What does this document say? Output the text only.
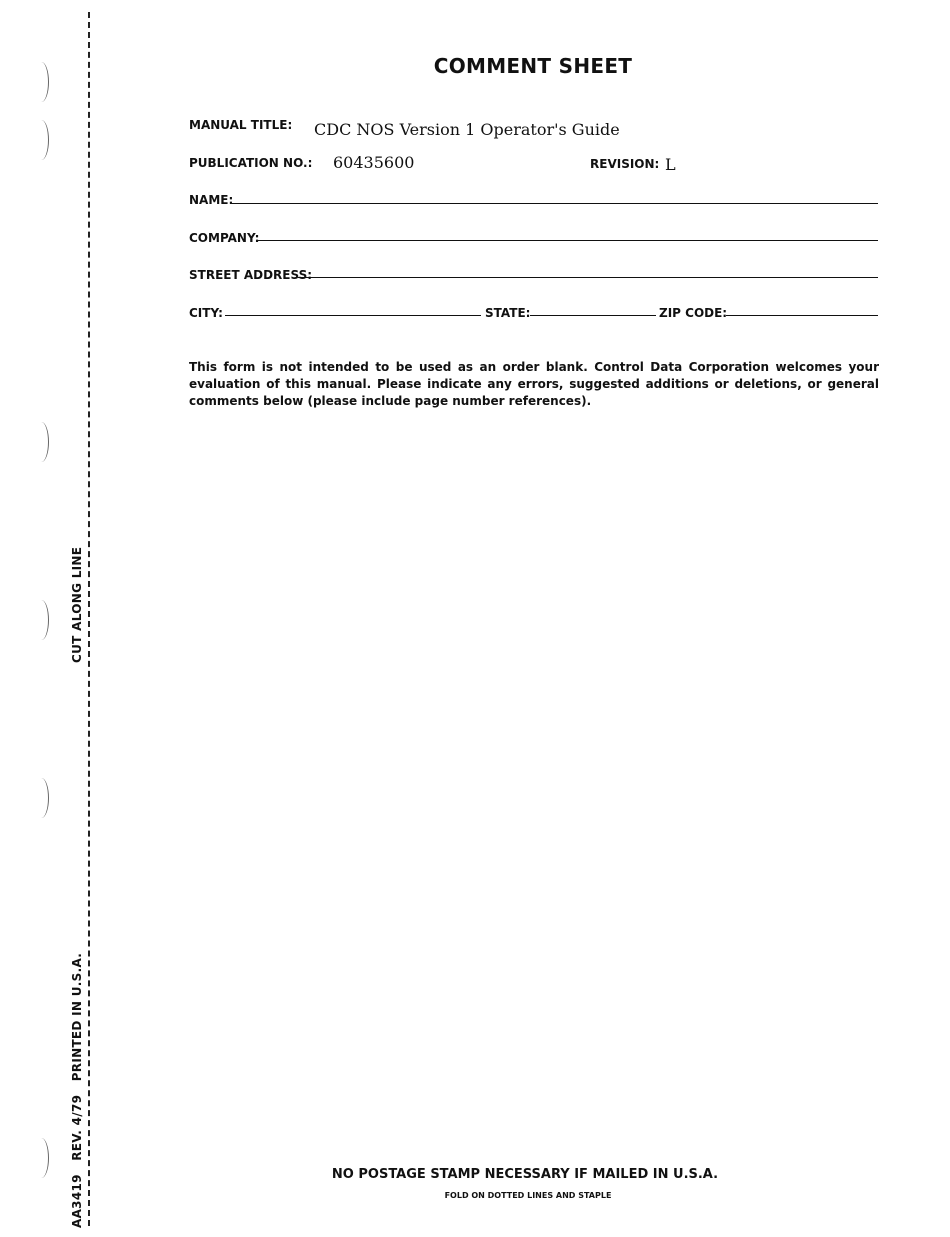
CUT ALONG LINE
AA3419   REV. 4/79   PRINTED IN U.S.A.
COMMENT SHEET
MANUAL TITLE: CDC NOS Version 1 Operator's Guide
PUBLICATION NO.: 60435600	REVISION: L
NAME:
COMPANY:
STREET ADDRESS:
CITY:	STATE:	ZIP CODE:
This form is not intended to be used as an order blank. Control Data Corporation welcomes your evaluation of this manual. Please indicate any errors, suggested additions or deletions, or general comments below (please include page number references).
NO POSTAGE STAMP NECESSARY IF MAILED IN U.S.A.
FOLD ON DOTTED LINES AND STAPLE
